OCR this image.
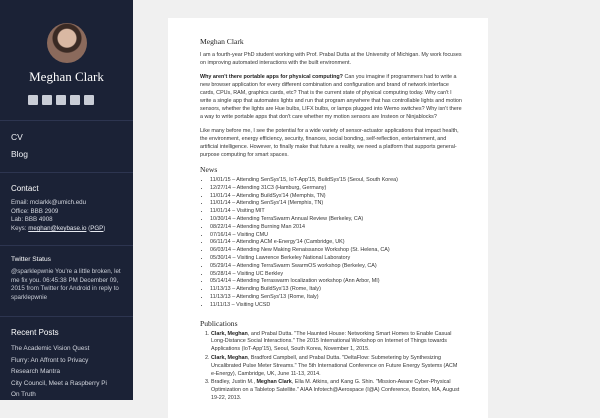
Meghan Clark
CV
Blog
Contact
Email: mclarkk@umich.edu
Office: BBB 2909
Lab: BBB 4908
Keys: meghan@keybase.io (PGP)
Twitter Status
@sparklepwnie You're a little broken, let me fix you. 06:45:38 PM December 09, 2015 from Twitter for Android in reply to sparklepwnie
Recent Posts
The Academic Vision Quest
Flurry: An Affront to Privacy
Research Mantra
City Council, Meet a Raspberry Pi
On Truth
Meghan Clark

I am a fourth-year PhD student working with Prof. Prabal Dutta at the University of Michigan. My work focuses on improving automated interactions with the built environment.

Why aren't there portable apps for physical computing? Can you imagine if programmers had to write a new browser application for every different combination and configuration and brand of network interface cards, CPUs, RAM, graphics cards, etc? That is the current state of physical computing today. Why can't I write a single app that automates lights and run that program anywhere that has controllable lights and motion sensors, whether the lights are Hue bulbs, LIFX bulbs, or lamps plugged into Wemo switches? Why isn't there a way to write portable apps that don't care whether my motion sensors are Insteon or Ninjablocks?

Like many before me, I see the potential for a wide variety of sensor-actuator applications that impact health, the environment, energy efficiency, security, finances, social bonding, self-reflection, entertainment, and artificial intelligence. However, to finally make that future a reality, we need a platform that supports general-purpose computing for smart spaces.

News
• 11/01/15 – Attending SenSys'15, IoT-App'15, BuildSys'15 (Seoul, South Korea)
• 12/27/14 – Attending 31C3 (Hamburg, Germany)
• 11/01/14 – Attending BuildSys'14 (Memphis, TN)
• 11/01/14 – Attending SenSys'14 (Memphis, TN)
• 11/01/14 – Visiting MIT
• 10/30/14 – Attending TerraSwarm Annual Review (Berkeley, CA)
• 08/22/14 – Attending Burning Man 2014
• 07/16/14 – Visiting CMU
• 06/11/14 – Attending ACM e-Energy'14 (Cambridge, UK)
• 06/03/14 – Attending New Making Renaissance Workshop (St. Helena, CA)
• 05/30/14 – Visiting Lawrence Berkeley National Laboratory
• 05/29/14 – Attending TerraSwarm SwarmOS workshop (Berkeley, CA)
• 05/28/14 – Visiting UC Berkley
• 05/14/14 – Attending Terraswarm localization workshop (Ann Arbor, MI)
• 11/13/13 – Attending BuildSys'13 (Rome, Italy)
• 11/13/13 – Attending SenSys'13 (Rome, Italy)
• 11/11/13 – Visiting UCSD
Publications
1. Clark, Meghan, and Prabal Dutta. "The Haunted House: Networking Smart Homes to Enable Casual Long-Distance Social Interactions." The 2015 International Workshop on Internet of Things towards Applications (IoT-App'15), Seoul, South Korea, November 1, 2015.
2. Clark, Meghan, Bradford Campbell, and Prabal Dutta. "DeltaFlow: Submetering by Synthesizing Uncalibrated Pulse Meter Streams." The 5th International Conference on Future Energy Systems (ACM e-Energy), Cambridge, UK, June 11-13, 2014.
3. Bradley, Justin M., Meghan Clark, Ella M. Atkins, and Kang G. Shin. "Mission-Aware Cyber-Physical Optimization on a Tabletop Satellite." AIAA Infotech@Aerospace (I@A) Conference, Boston, MA, August 19-22, 2013.
